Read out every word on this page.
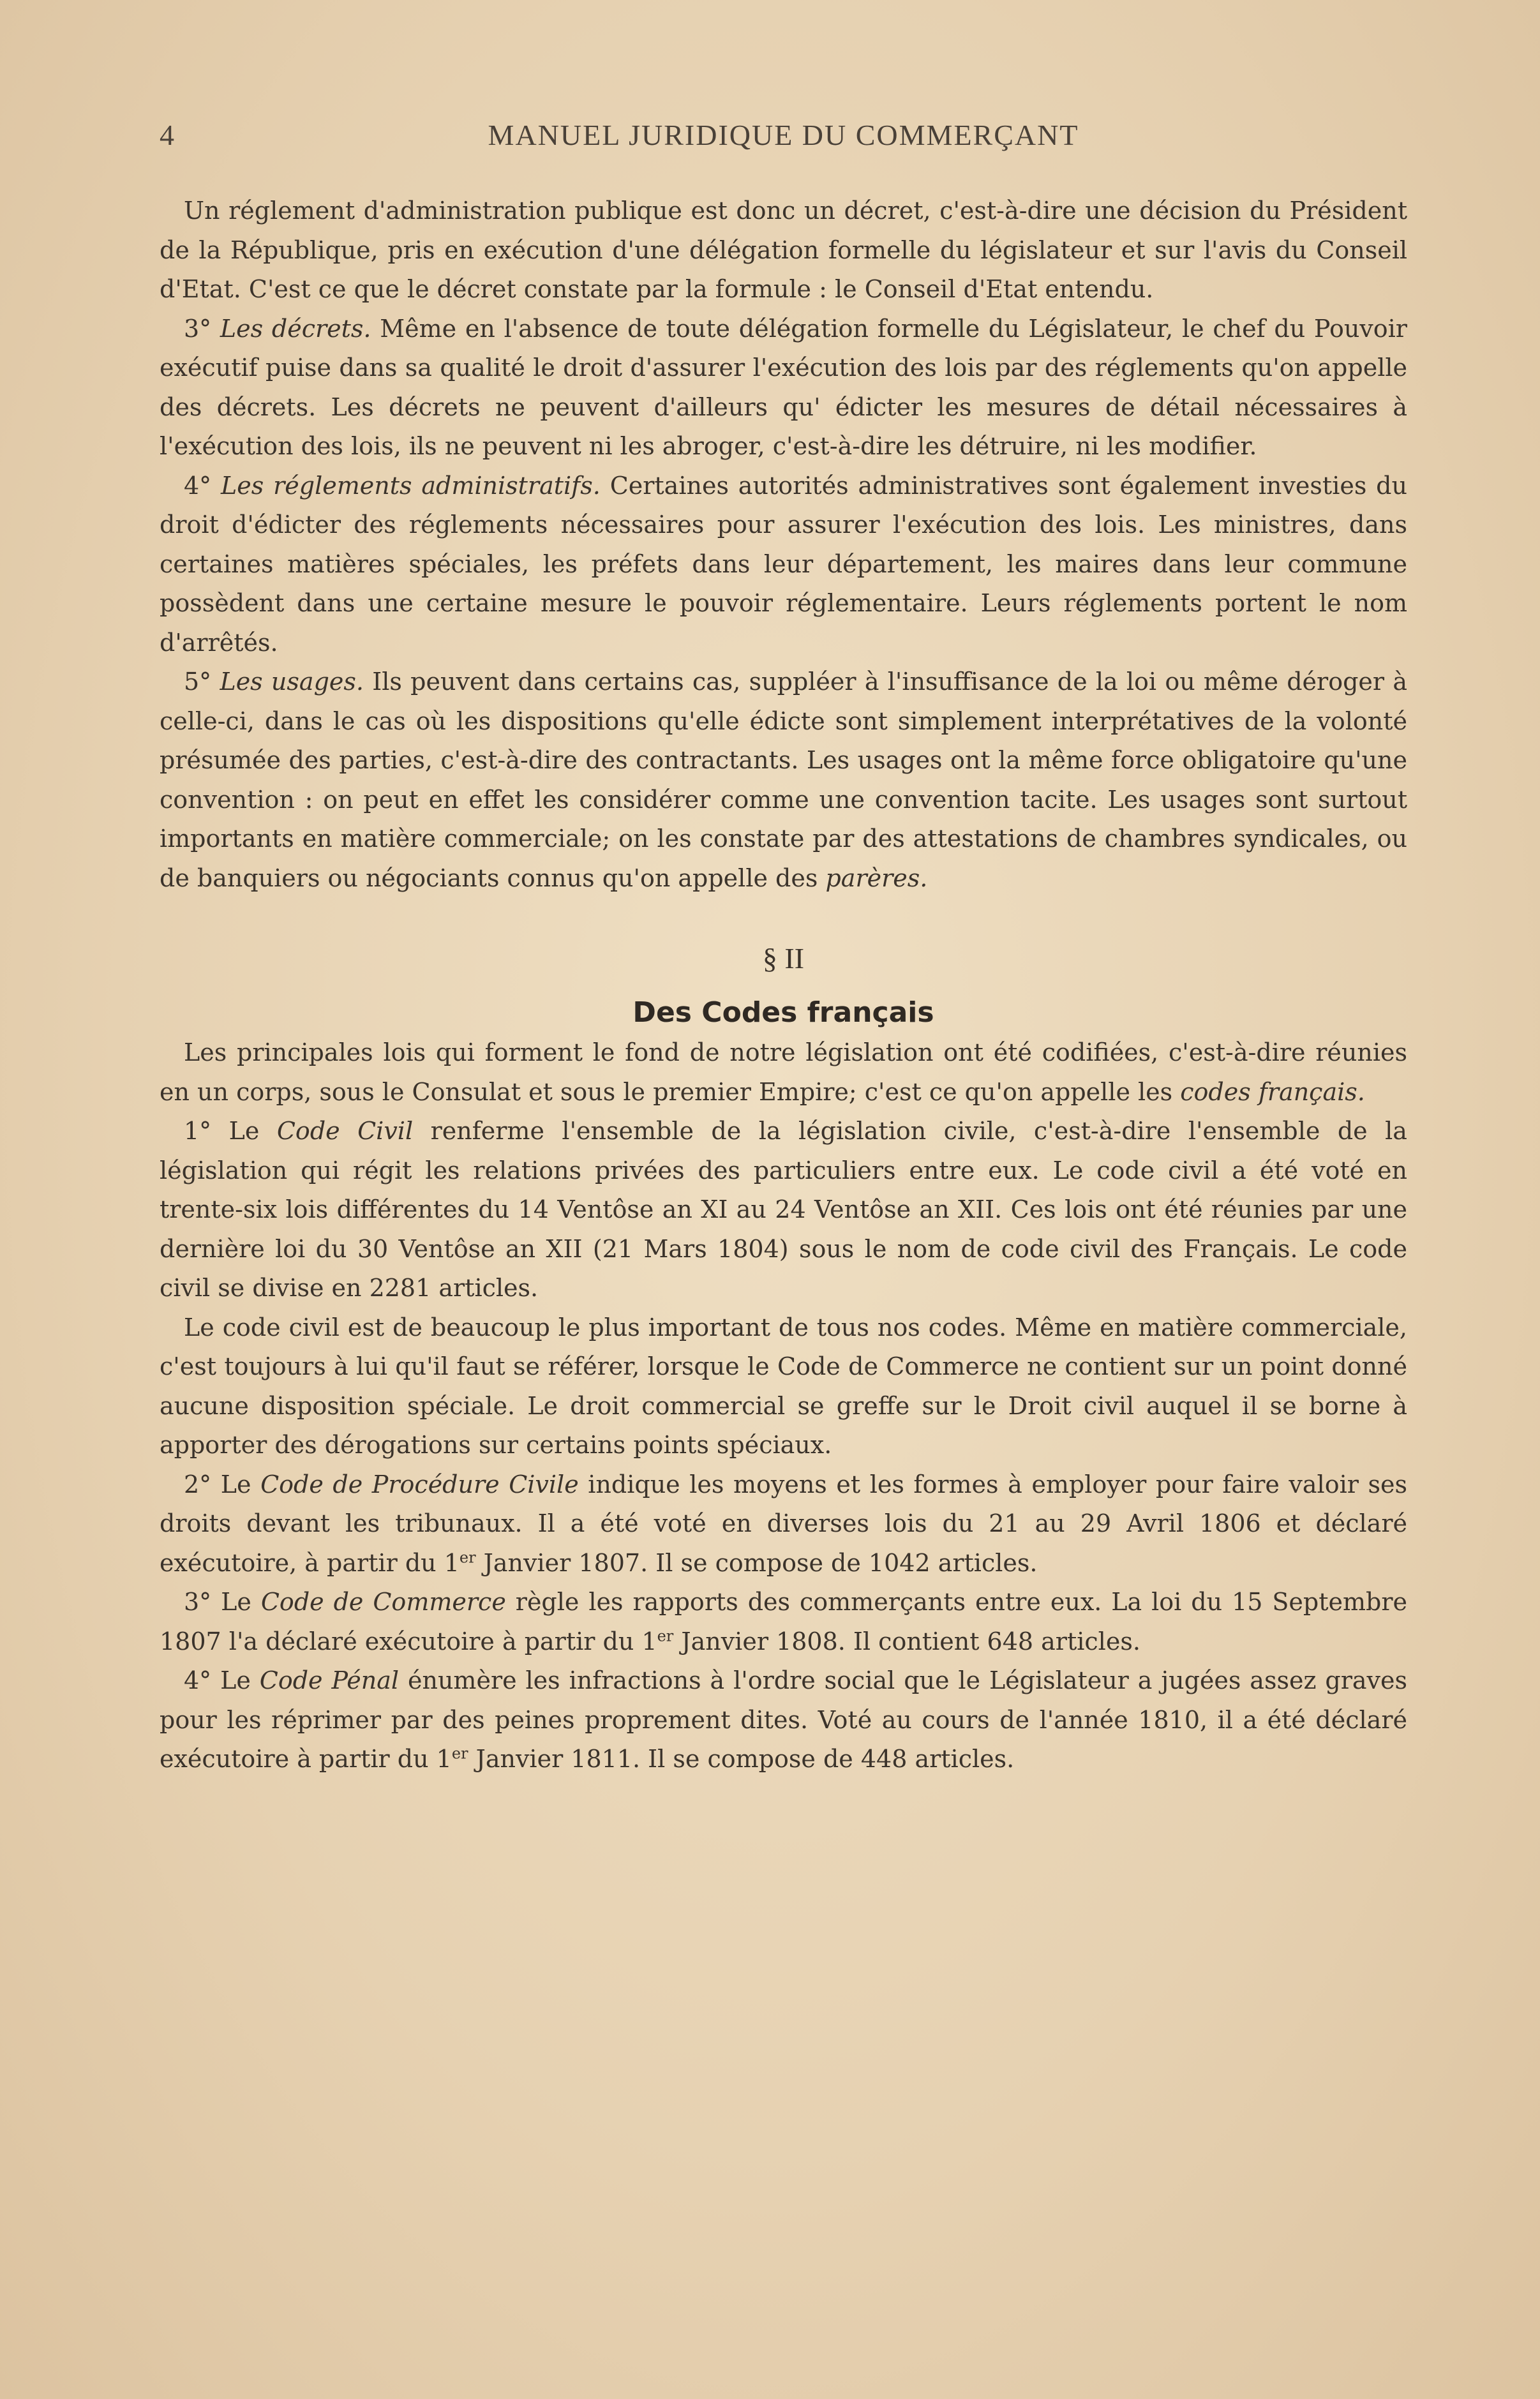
4	MANUEL JURIDIQUE DU COMMERÇANT

Un réglement d'administration publique est donc un décret, c'est-à-dire une décision du Président de la République, pris en exécution d'une délégation formelle du législateur et sur l'avis du Conseil d'Etat. C'est ce que le décret constate par la formule : le Conseil d'Etat entendu.

3° Les décrets. Même en l'absence de toute délégation formelle du Législateur, le chef du Pouvoir exécutif puise dans sa qualité le droit d'assurer l'exécution des lois par des réglements qu'on appelle des décrets. Les décrets ne peuvent d'ailleurs qu' édicter les mesures de détail nécessaires à l'exécution des lois, ils ne peuvent ni les abroger, c'est-à-dire les détruire, ni les modifier.

4° Les réglements administratifs. Certaines autorités administratives sont également investies du droit d'édicter des réglements nécessaires pour assurer l'exécution des lois. Les ministres, dans certaines matières spéciales, les préfets dans leur département, les maires dans leur commune possèdent dans une certaine mesure le pouvoir réglementaire. Leurs réglements portent le nom d'arrêtés.

5° Les usages. Ils peuvent dans certains cas, suppléer à l'insuffisance de la loi ou même déroger à celle-ci, dans le cas où les dispositions qu'elle édicte sont simplement interprétatives de la volonté présumée des parties, c'est-à-dire des contractants. Les usages ont la même force obligatoire qu'une convention : on peut en effet les considérer comme une convention tacite. Les usages sont surtout importants en matière commerciale; on les constate par des attestations de chambres syndicales, ou de banquiers ou négociants connus qu'on appelle des parères.

§ II
Des Codes français

Les principales lois qui forment le fond de notre législation ont été codifiées, c'est-à-dire réunies en un corps, sous le Consulat et sous le premier Empire; c'est ce qu'on appelle les codes français.

1° Le Code Civil renferme l'ensemble de la législation civile, c'est-à-dire l'ensemble de la législation qui régit les relations privées des particuliers entre eux. Le code civil a été voté en trente-six lois différentes du 14 Ventôse an XI au 24 Ventôse an XII. Ces lois ont été réunies par une dernière loi du 30 Ventôse an XII (21 Mars 1804) sous le nom de code civil des Français. Le code civil se divise en 2281 articles.

Le code civil est de beaucoup le plus important de tous nos codes. Même en matière commerciale, c'est toujours à lui qu'il faut se référer, lorsque le Code de Commerce ne contient sur un point donné aucune disposition spéciale. Le droit commercial se greffe sur le Droit civil auquel il se borne à apporter des dérogations sur certains points spéciaux.

2° Le Code de Procédure Civile indique les moyens et les formes à employer pour faire valoir ses droits devant les tribunaux. Il a été voté en diverses lois du 21 au 29 Avril 1806 et déclaré exécutoire, à partir du 1er Janvier 1807. Il se compose de 1042 articles.

3° Le Code de Commerce règle les rapports des commerçants entre eux. La loi du 15 Septembre 1807 l'a déclaré exécutoire à partir du 1er Janvier 1808. Il contient 648 articles.

4° Le Code Pénal énumère les infractions à l'ordre social que le Législateur a jugées assez graves pour les réprimer par des peines proprement dites. Voté au cours de l'année 1810, il a été déclaré exécutoire à partir du 1er Janvier 1811. Il se compose de 448 articles.
